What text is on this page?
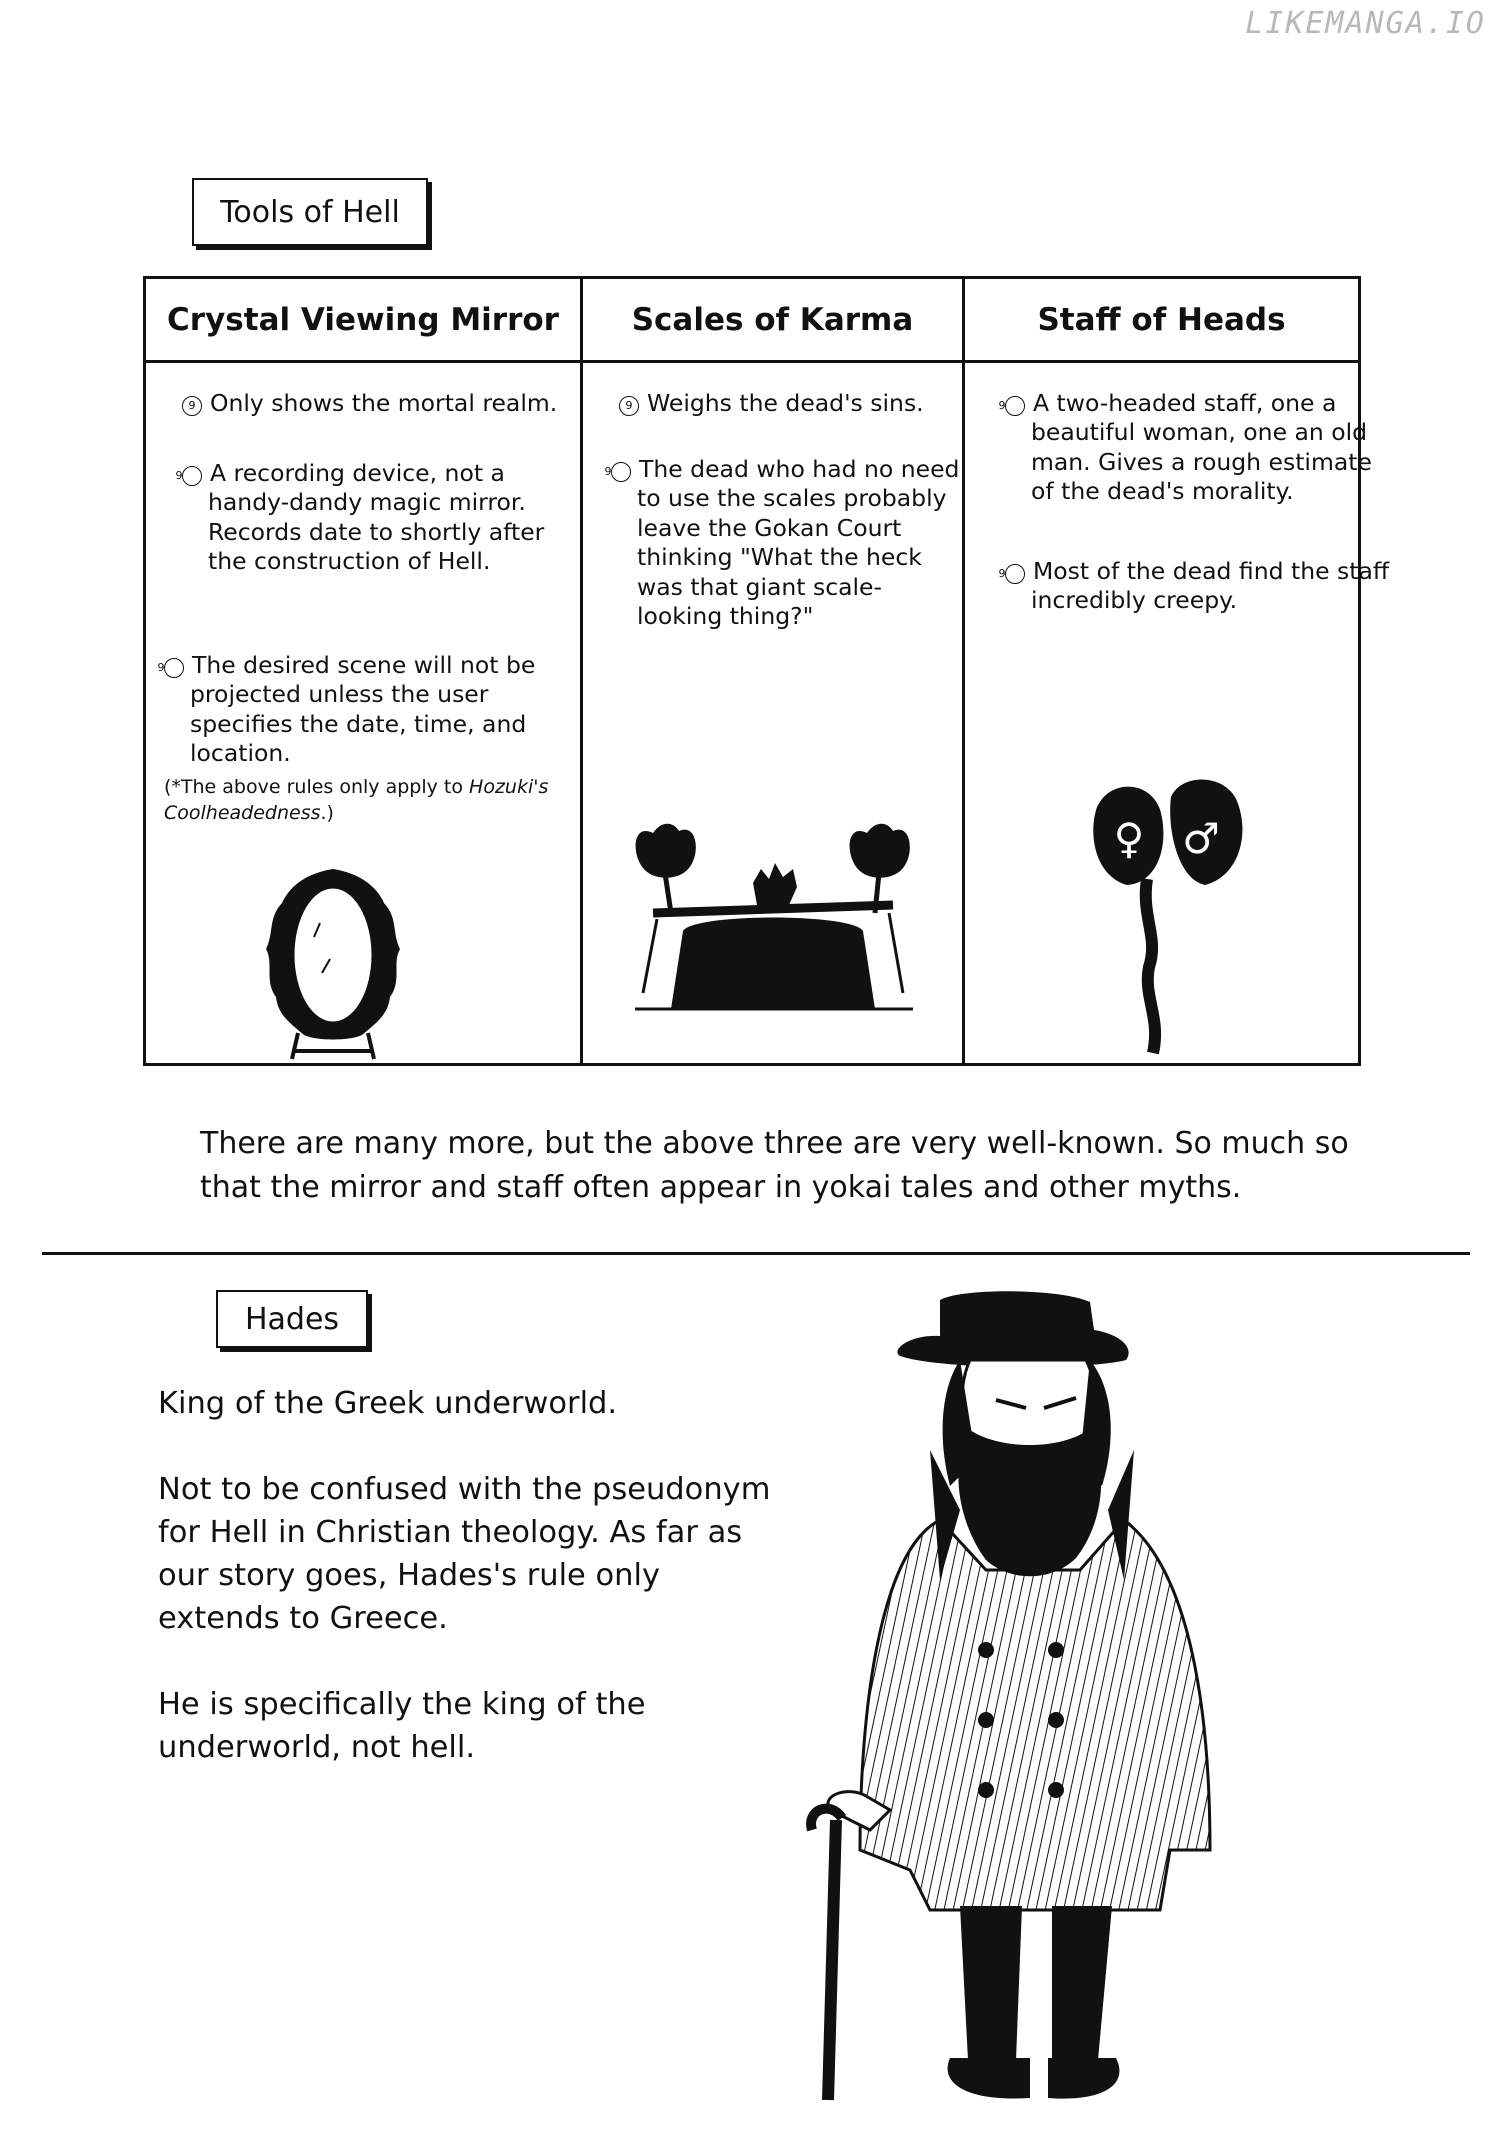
LIKEMANGA.IO
Tools of Hell
Crystal Viewing Mirror	Scales of Karma	Staff of Heads
9 Only shows the mortal realm.
9 A recording device, not a handy-dandy magic mirror. Records date to shortly after the construction of Hell.
9 The desired scene will not be projected unless the user specifies the date, time, and location.
(*The above rules only apply to Hozuki's Coolheadedness.)
9 Weighs the dead's sins.
9 The dead who had no need to use the scales probably leave the Gokan Court thinking "What the heck was that giant scale-looking thing?"
9 A two-headed staff, one a beautiful woman, one an old man. Gives a rough estimate of the dead's morality.
9 Most of the dead find the staff incredibly creepy.
♀ ♂
There are many more, but the above three are very well-known. So much so that the mirror and staff often appear in yokai tales and other myths.
Hades

King of the Greek underworld.

Not to be confused with the pseudonym for Hell in Christian theology. As far as our story goes, Hades's rule only extends to Greece.

He is specifically the king of the underworld, not hell.
